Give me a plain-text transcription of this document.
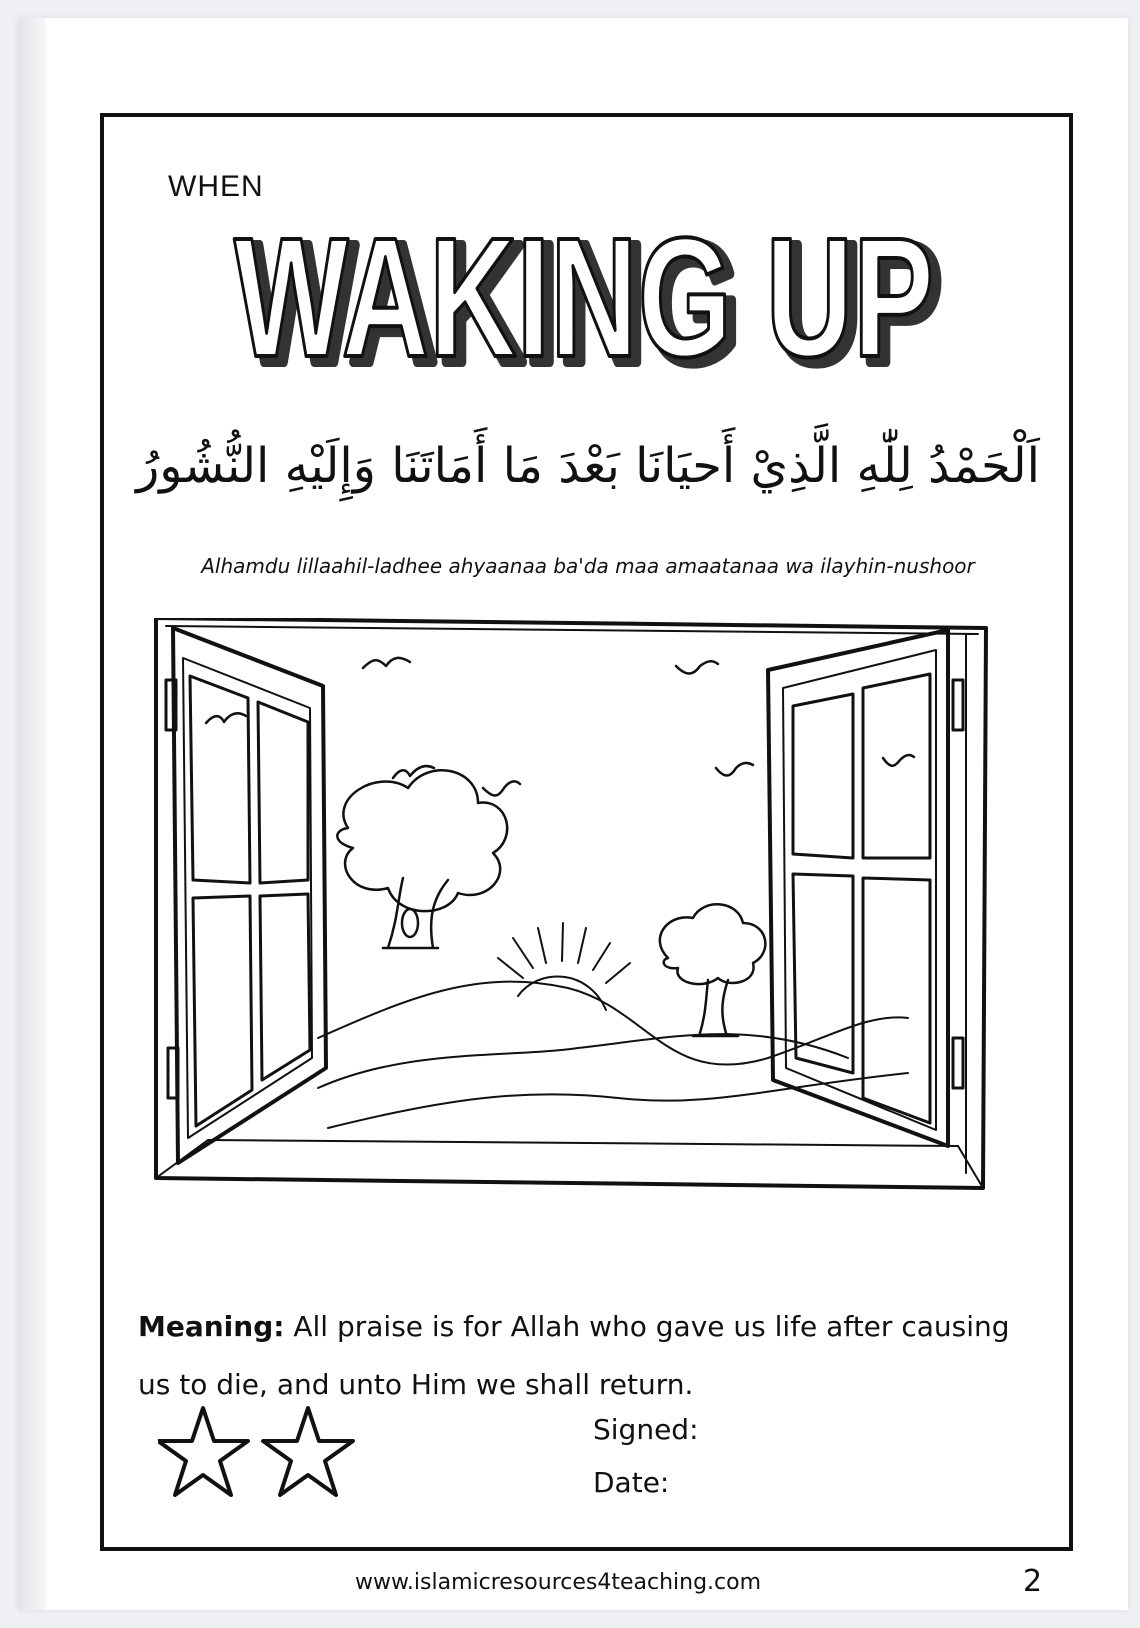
WHEN
WAKING UP
WAKING UP
اَلْحَمْدُ لِلّٰهِ الَّذِيْ أَحيَانَا بَعْدَ مَا أَمَاتَنَا وَإِلَيْهِ النُّشُورُ
Alhamdu lillaahil-ladhee ahyaanaa ba'da maa amaatanaa wa ilayhin-nushoor
Meaning: All praise is for Allah who gave us life after causing us to die, and unto Him we shall return.
Signed:
Date:
www.islamicresources4teaching.com	2
